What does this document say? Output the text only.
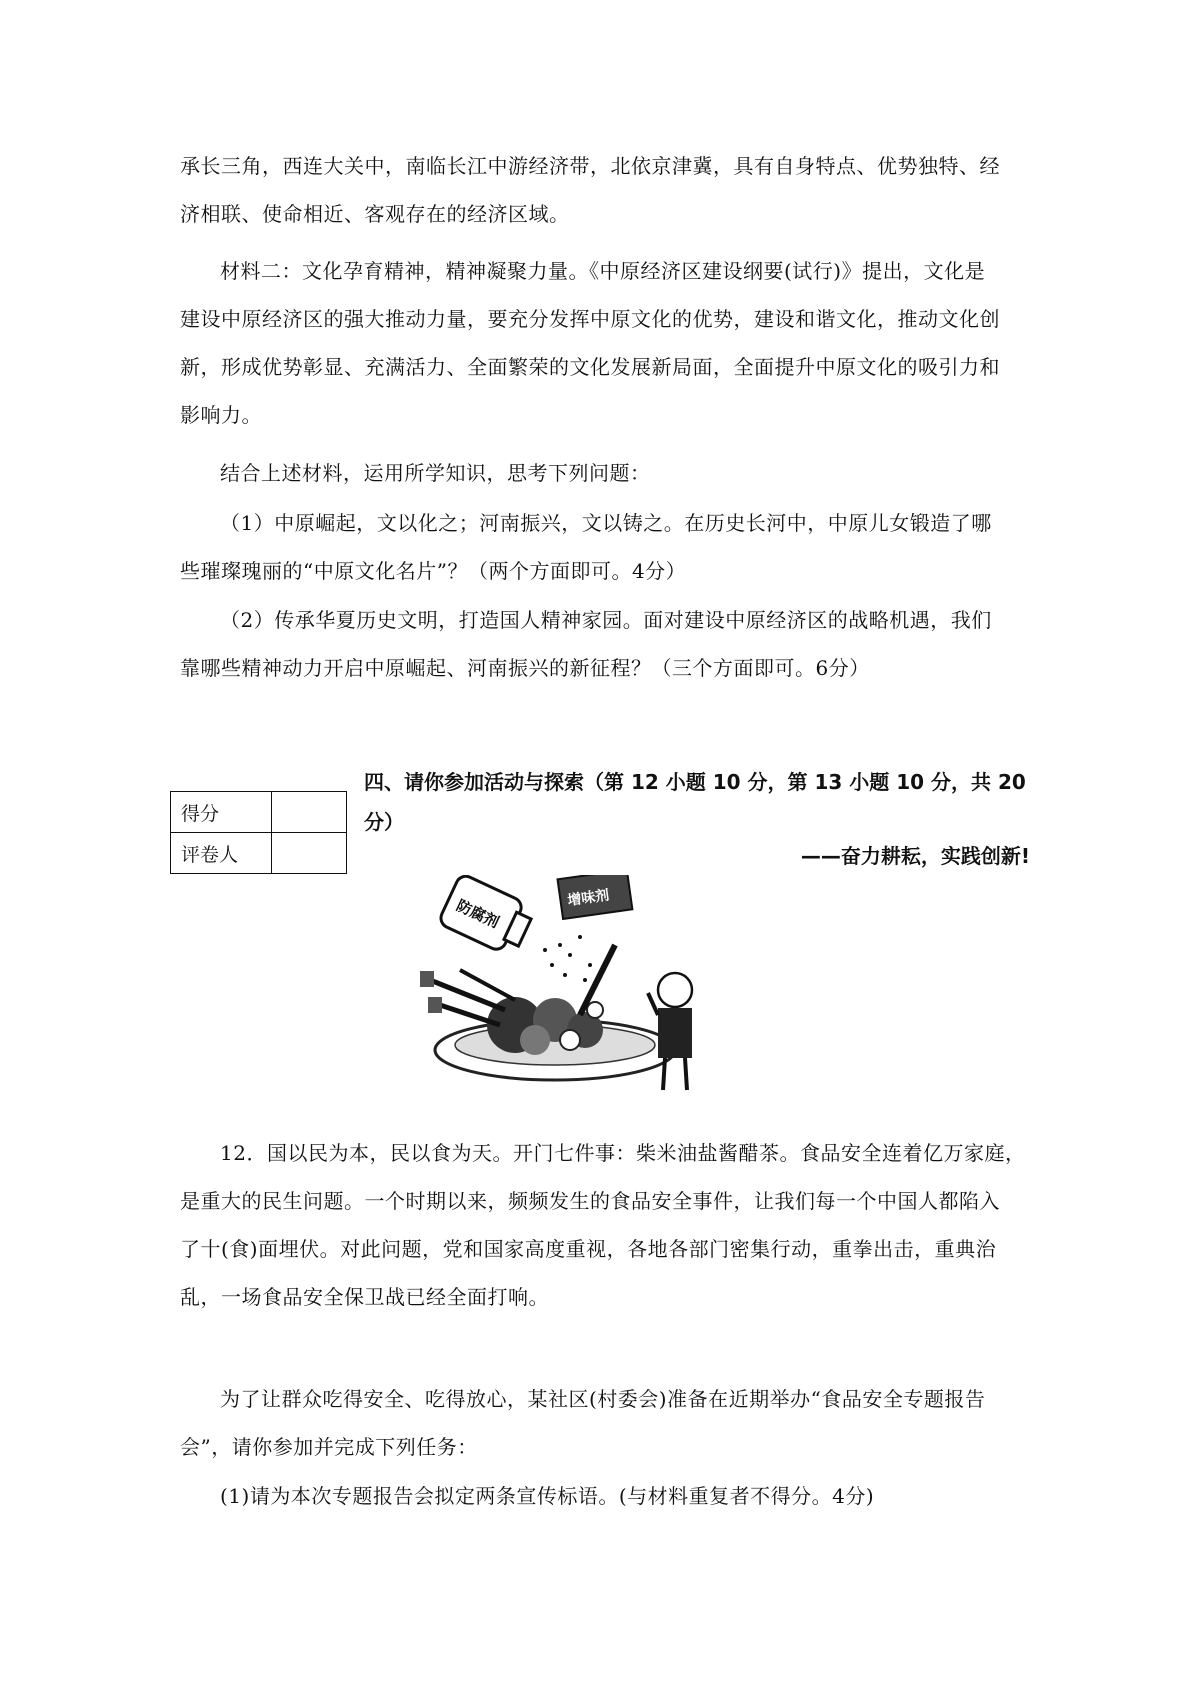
承长三角，西连大关中，南临长江中游经济带，北依京津冀，具有自身特点、优势独特、经
济相联、使命相近、客观存在的经济区域。
材料二：文化孕育精神，精神凝聚力量。《中原经济区建设纲要(试行)》提出，文化是
建设中原经济区的强大推动力量，要充分发挥中原文化的优势，建设和谐文化，推动文化创
新，形成优势彰显、充满活力、全面繁荣的文化发展新局面，全面提升中原文化的吸引力和
影响力。
结合上述材料，运用所学知识，思考下列问题：
（1）中原崛起，文以化之；河南振兴，文以铸之。在历史长河中，中原儿女锻造了哪
些璀璨瑰丽的“中原文化名片”？（两个方面即可。4分）
（2）传承华夏历史文明，打造国人精神家园。面对建设中原经济区的战略机遇，我们
靠哪些精神动力开启中原崛起、河南振兴的新征程？（三个方面即可。6分）
得分	
评卷人	
四、请你参加活动与探索（第 12 小题 10 分，第 13 小题 10 分，共 20
分）
——奋力耕耘，实践创新!
防腐剂	增味剂
12．国以民为本，民以食为天。开门七件事：柴米油盐酱醋茶。食品安全连着亿万家庭，
是重大的民生问题。一个时期以来，频频发生的食品安全事件，让我们每一个中国人都陷入
了十(食)面埋伏。对此问题，党和国家高度重视，各地各部门密集行动，重拳出击，重典治
乱，一场食品安全保卫战已经全面打响。
为了让群众吃得安全、吃得放心，某社区(村委会)准备在近期举办“食品安全专题报告
会”，请你参加并完成下列任务：
(1)请为本次专题报告会拟定两条宣传标语。(与材料重复者不得分。4分)
